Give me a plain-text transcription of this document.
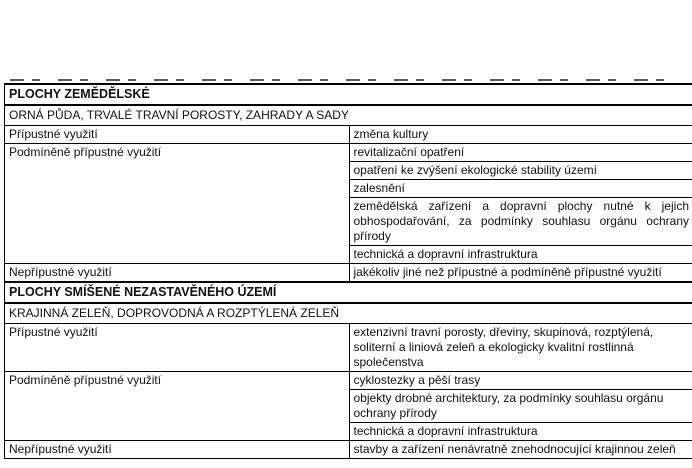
PLOCHY ZEMĚDĚLSKÉ	
ORNÁ PŮDA, TRVALÉ TRAVNÍ POROSTY, ZAHRADY A SADY	
Přípustné využití	změna kultury
Podmíněně přípustné využití	revitalizační opatření
	opatření ke zvýšení ekologické stability území
	zalesnění
	zemědělská zařízení a dopravní plochy nutné k jejich obhospodařování, za podmínky souhlasu orgánu ochrany přírody
	technická a dopravní infrastruktura
Nepřípustné využití	jakékoliv jiné než přípustné a podmíněně přípustné využití
PLOCHY SMÍŠENÉ NEZASTAVĚNÉHO ÚZEMÍ	
KRAJINNÁ ZELEŇ, DOPROVODNÁ A ROZPTÝLENÁ ZELEŇ	
Přípustné využití	extenzivní travní porosty, dřeviny, skupinová, rozptýlená, soliterní a liniová zeleň a ekologicky kvalitní rostlinná společenstva
Podmíněně přípustné využití	cyklostezky a pěší trasy
	objekty drobné architektury, za podmínky souhlasu orgánu ochrany přírody
	technická a dopravní infrastruktura
Nepřípustné využití	stavby a zařízení nenávratně znehodnocující krajinnou zeleň
